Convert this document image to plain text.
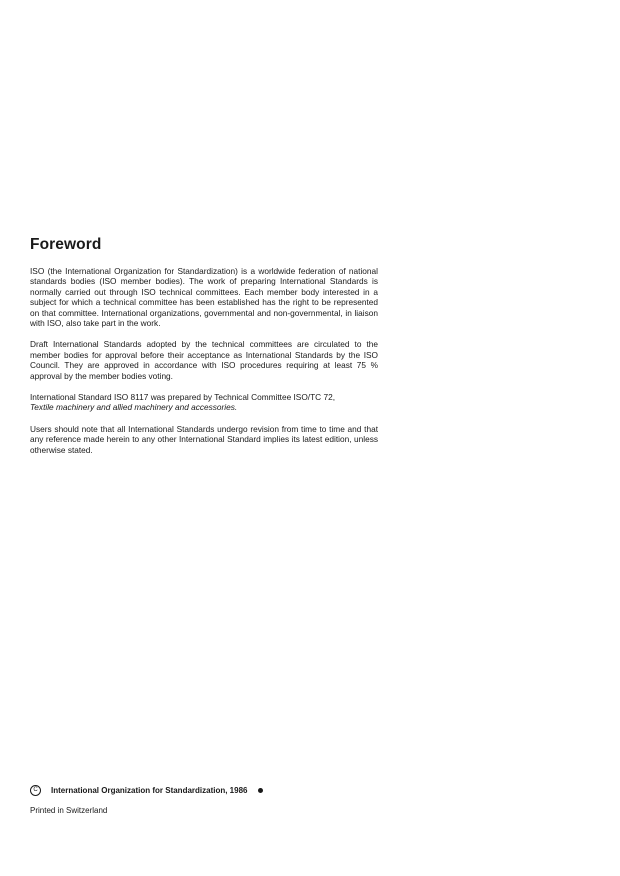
Foreword

ISO (the International Organization for Standardization) is a worldwide federation of national standards bodies (ISO member bodies). The work of preparing International Standards is normally carried out through ISO technical committees. Each member body interested in a subject for which a technical committee has been established has the right to be represented on that committee. International organizations, governmental and non-governmental, in liaison with ISO, also take part in the work.

Draft International Standards adopted by the technical committees are circulated to the member bodies for approval before their acceptance as International Standards by the ISO Council. They are approved in accordance with ISO procedures requiring at least 75 % approval by the member bodies voting.

International Standard ISO 8117 was prepared by Technical Committee ISO/TC 72,
Textile machinery and allied machinery and accessories.

Users should note that all International Standards undergo revision from time to time and that any reference made herein to any other International Standard implies its latest edition, unless otherwise stated.

C	International Organization for Standardization, 1986
Printed in Switzerland
